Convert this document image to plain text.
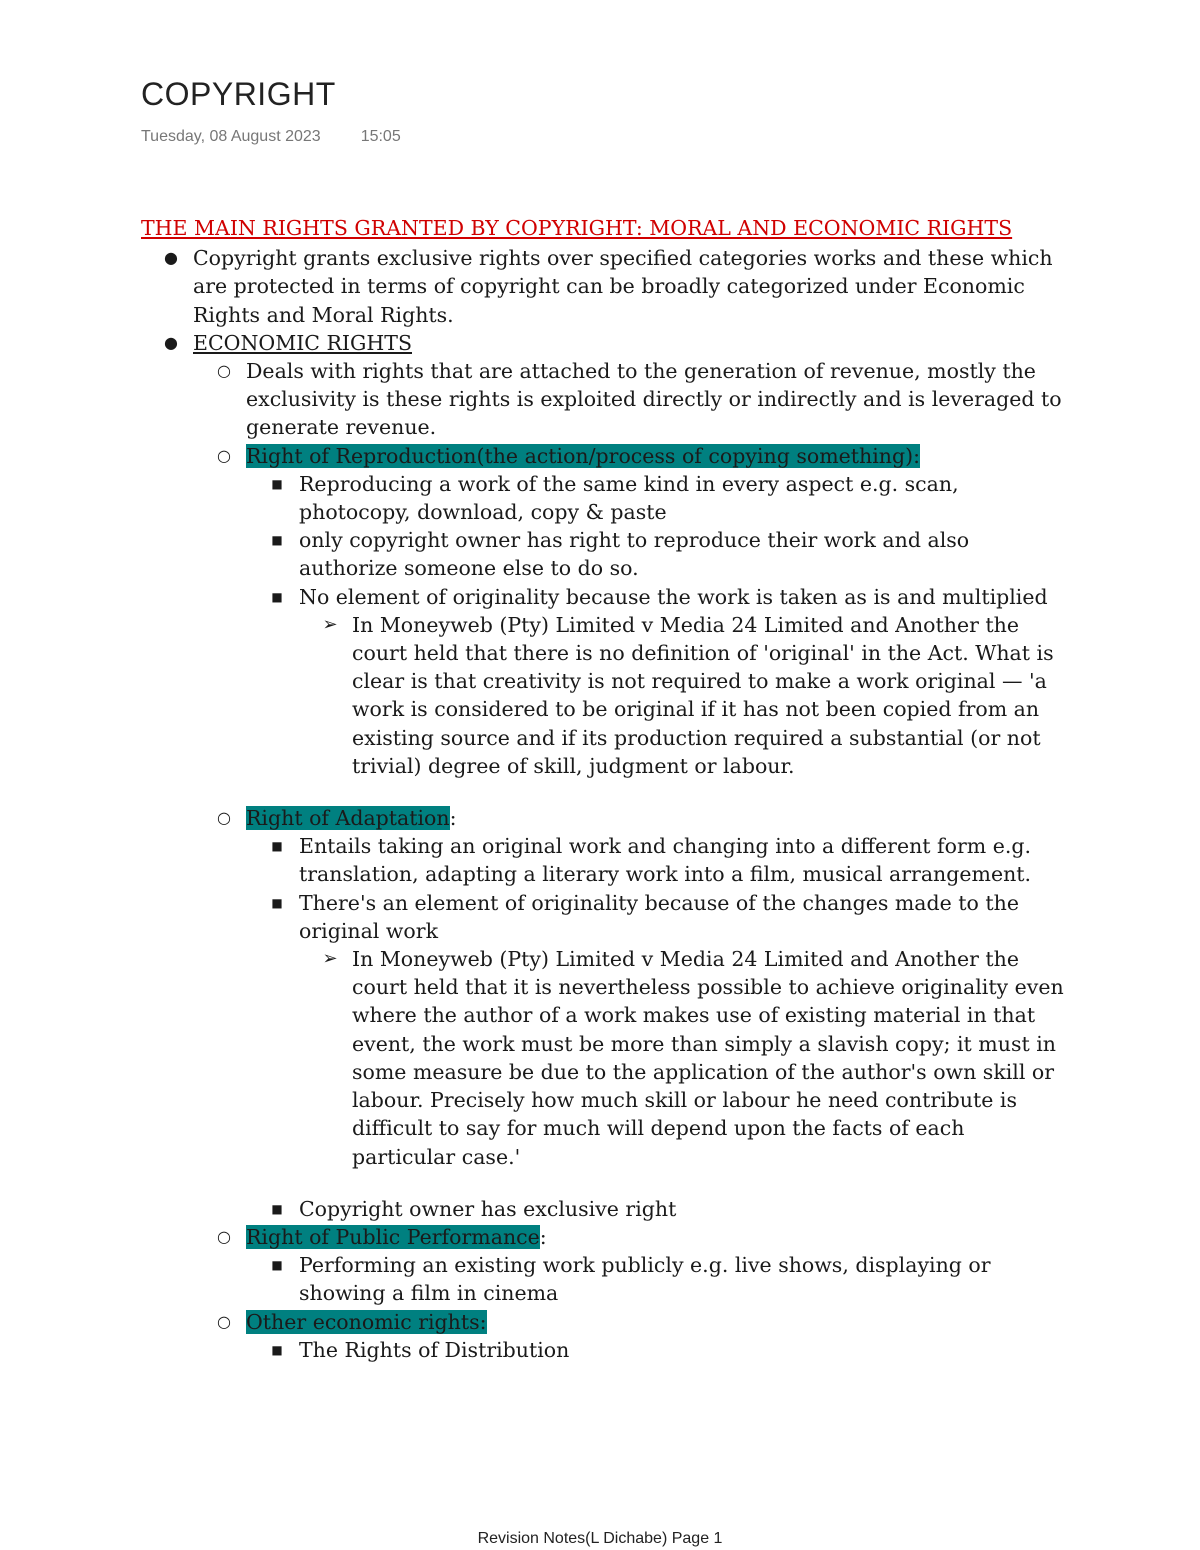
COPYRIGHT
Tuesday, 08 August 2023	15:05
THE MAIN RIGHTS GRANTED BY COPYRIGHT: MORAL AND ECONOMIC RIGHTS
● Copyright grants exclusive rights over specified categories works and these which are protected in terms of copyright can be broadly categorized under Economic Rights and Moral Rights.
● ECONOMIC RIGHTS
○ Deals with rights that are attached to the generation of revenue, mostly the exclusivity is these rights is exploited directly or indirectly and is leveraged to generate revenue.
○ Right of Reproduction(the action/process of copying something):
■ Reproducing a work of the same kind in every aspect e.g. scan, photocopy, download, copy & paste
■ only copyright owner has right to reproduce their work and also authorize someone else to do so.
■ No element of originality because the work is taken as is and multiplied
➢ In Moneyweb (Pty) Limited v Media 24 Limited and Another the court held that there is no definition of 'original' in the Act. What is clear is that creativity is not required to make a work original — 'a work is considered to be original if it has not been copied from an existing source and if its production required a substantial (or not trivial) degree of skill, judgment or labour.
○ Right of Adaptation:
■ Entails taking an original work and changing into a different form e.g. translation, adapting a literary work into a film, musical arrangement.
■ There's an element of originality because of the changes made to the original work
➢ In Moneyweb (Pty) Limited v Media 24 Limited and Another the court held that it is nevertheless possible to achieve originality even where the author of a work makes use of existing material in that event, the work must be more than simply a slavish copy; it must in some measure be due to the application of the author's own skill or labour. Precisely how much skill or labour he need contribute is difficult to say for much will depend upon the facts of each particular case.'
■ Copyright owner has exclusive right
○ Right of Public Performance:
■ Performing an existing work publicly e.g. live shows, displaying or showing a film in cinema
○ Other economic rights:
■ The Rights of Distribution
Revision Notes(L Dichabe) Page 1
